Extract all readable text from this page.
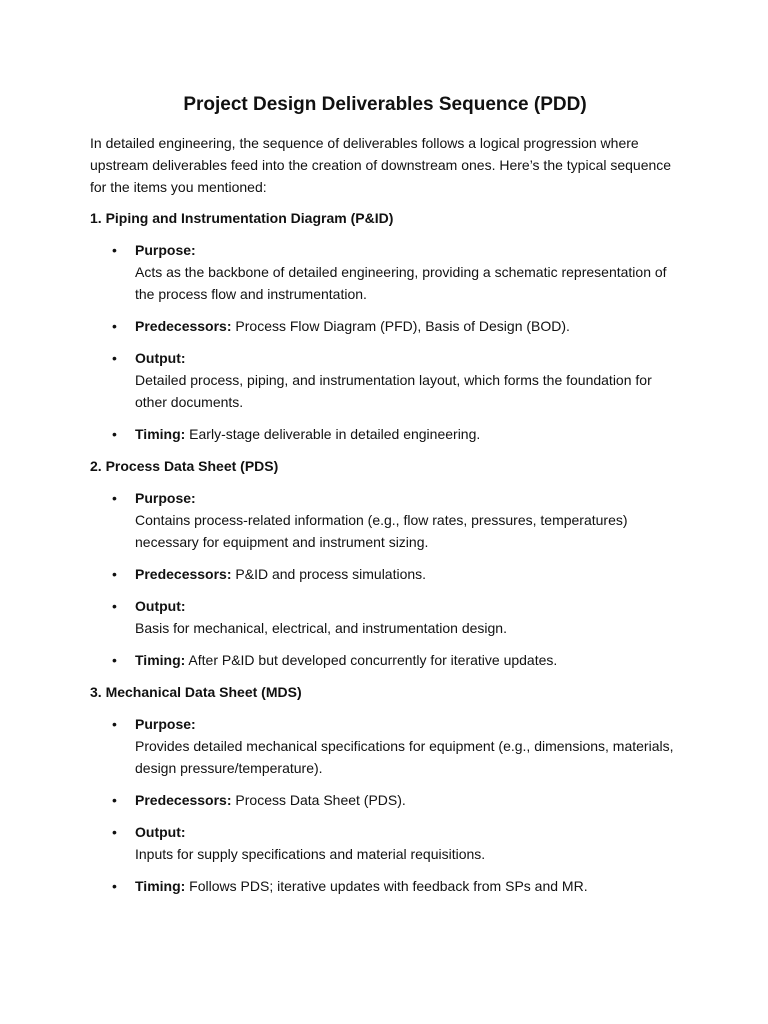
Project Design Deliverables Sequence (PDD)

In detailed engineering, the sequence of deliverables follows a logical progression where upstream deliverables feed into the creation of downstream ones. Here’s the typical sequence for the items you mentioned:

1. Piping and Instrumentation Diagram (P&ID)
• Purpose:
Acts as the backbone of detailed engineering, providing a schematic representation of the process flow and instrumentation.
• Predecessors: Process Flow Diagram (PFD), Basis of Design (BOD).
• Output:
Detailed process, piping, and instrumentation layout, which forms the foundation for other documents.
• Timing: Early-stage deliverable in detailed engineering.
2. Process Data Sheet (PDS)
• Purpose:
Contains process-related information (e.g., flow rates, pressures, temperatures) necessary for equipment and instrument sizing.
• Predecessors: P&ID and process simulations.
• Output:
Basis for mechanical, electrical, and instrumentation design.
• Timing: After P&ID but developed concurrently for iterative updates.
3. Mechanical Data Sheet (MDS)
• Purpose:
Provides detailed mechanical specifications for equipment (e.g., dimensions, materials, design pressure/temperature).
• Predecessors: Process Data Sheet (PDS).
• Output:
Inputs for supply specifications and material requisitions.
• Timing: Follows PDS; iterative updates with feedback from SPs and MR.
